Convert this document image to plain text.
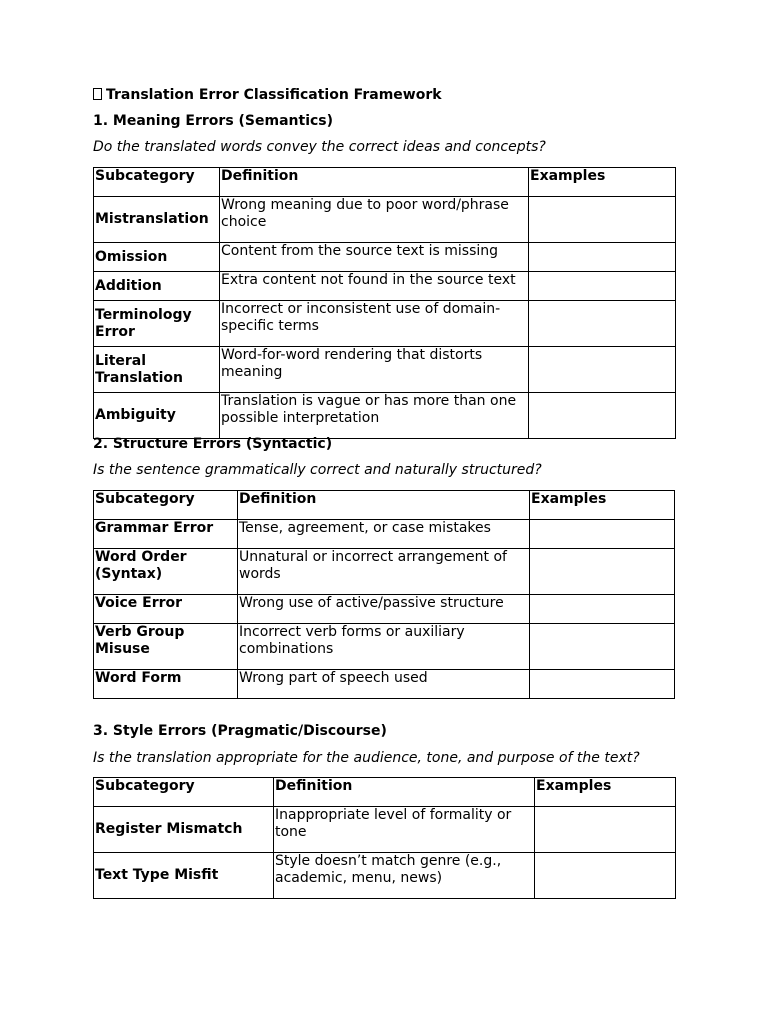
Translation Error Classification Framework
1. Meaning Errors (Semantics)
Do the translated words convey the correct ideas and concepts?
Subcategory	Definition	Examples
Mistranslation	Wrong meaning due to poor word/phrase choice	
Omission	Content from the source text is missing	
Addition	Extra content not found in the source text	
Terminology Error	Incorrect or inconsistent use of domain-specific terms	
Literal Translation	Word-for-word rendering that distorts meaning	
Ambiguity	Translation is vague or has more than one possible interpretation	
2. Structure Errors (Syntactic)
Is the sentence grammatically correct and naturally structured?
Subcategory	Definition	Examples
Grammar Error	Tense, agreement, or case mistakes	
Word Order (Syntax)	Unnatural or incorrect arrangement of words	
Voice Error	Wrong use of active/passive structure	
Verb Group Misuse	Incorrect verb forms or auxiliary combinations	
Word Form	Wrong part of speech used	
3. Style Errors (Pragmatic/Discourse)
Is the translation appropriate for the audience, tone, and purpose of the text?
Subcategory	Definition	Examples
Register Mismatch	Inappropriate level of formality or tone	
Text Type Misfit	Style doesn’t match genre (e.g., academic, menu, news)	
